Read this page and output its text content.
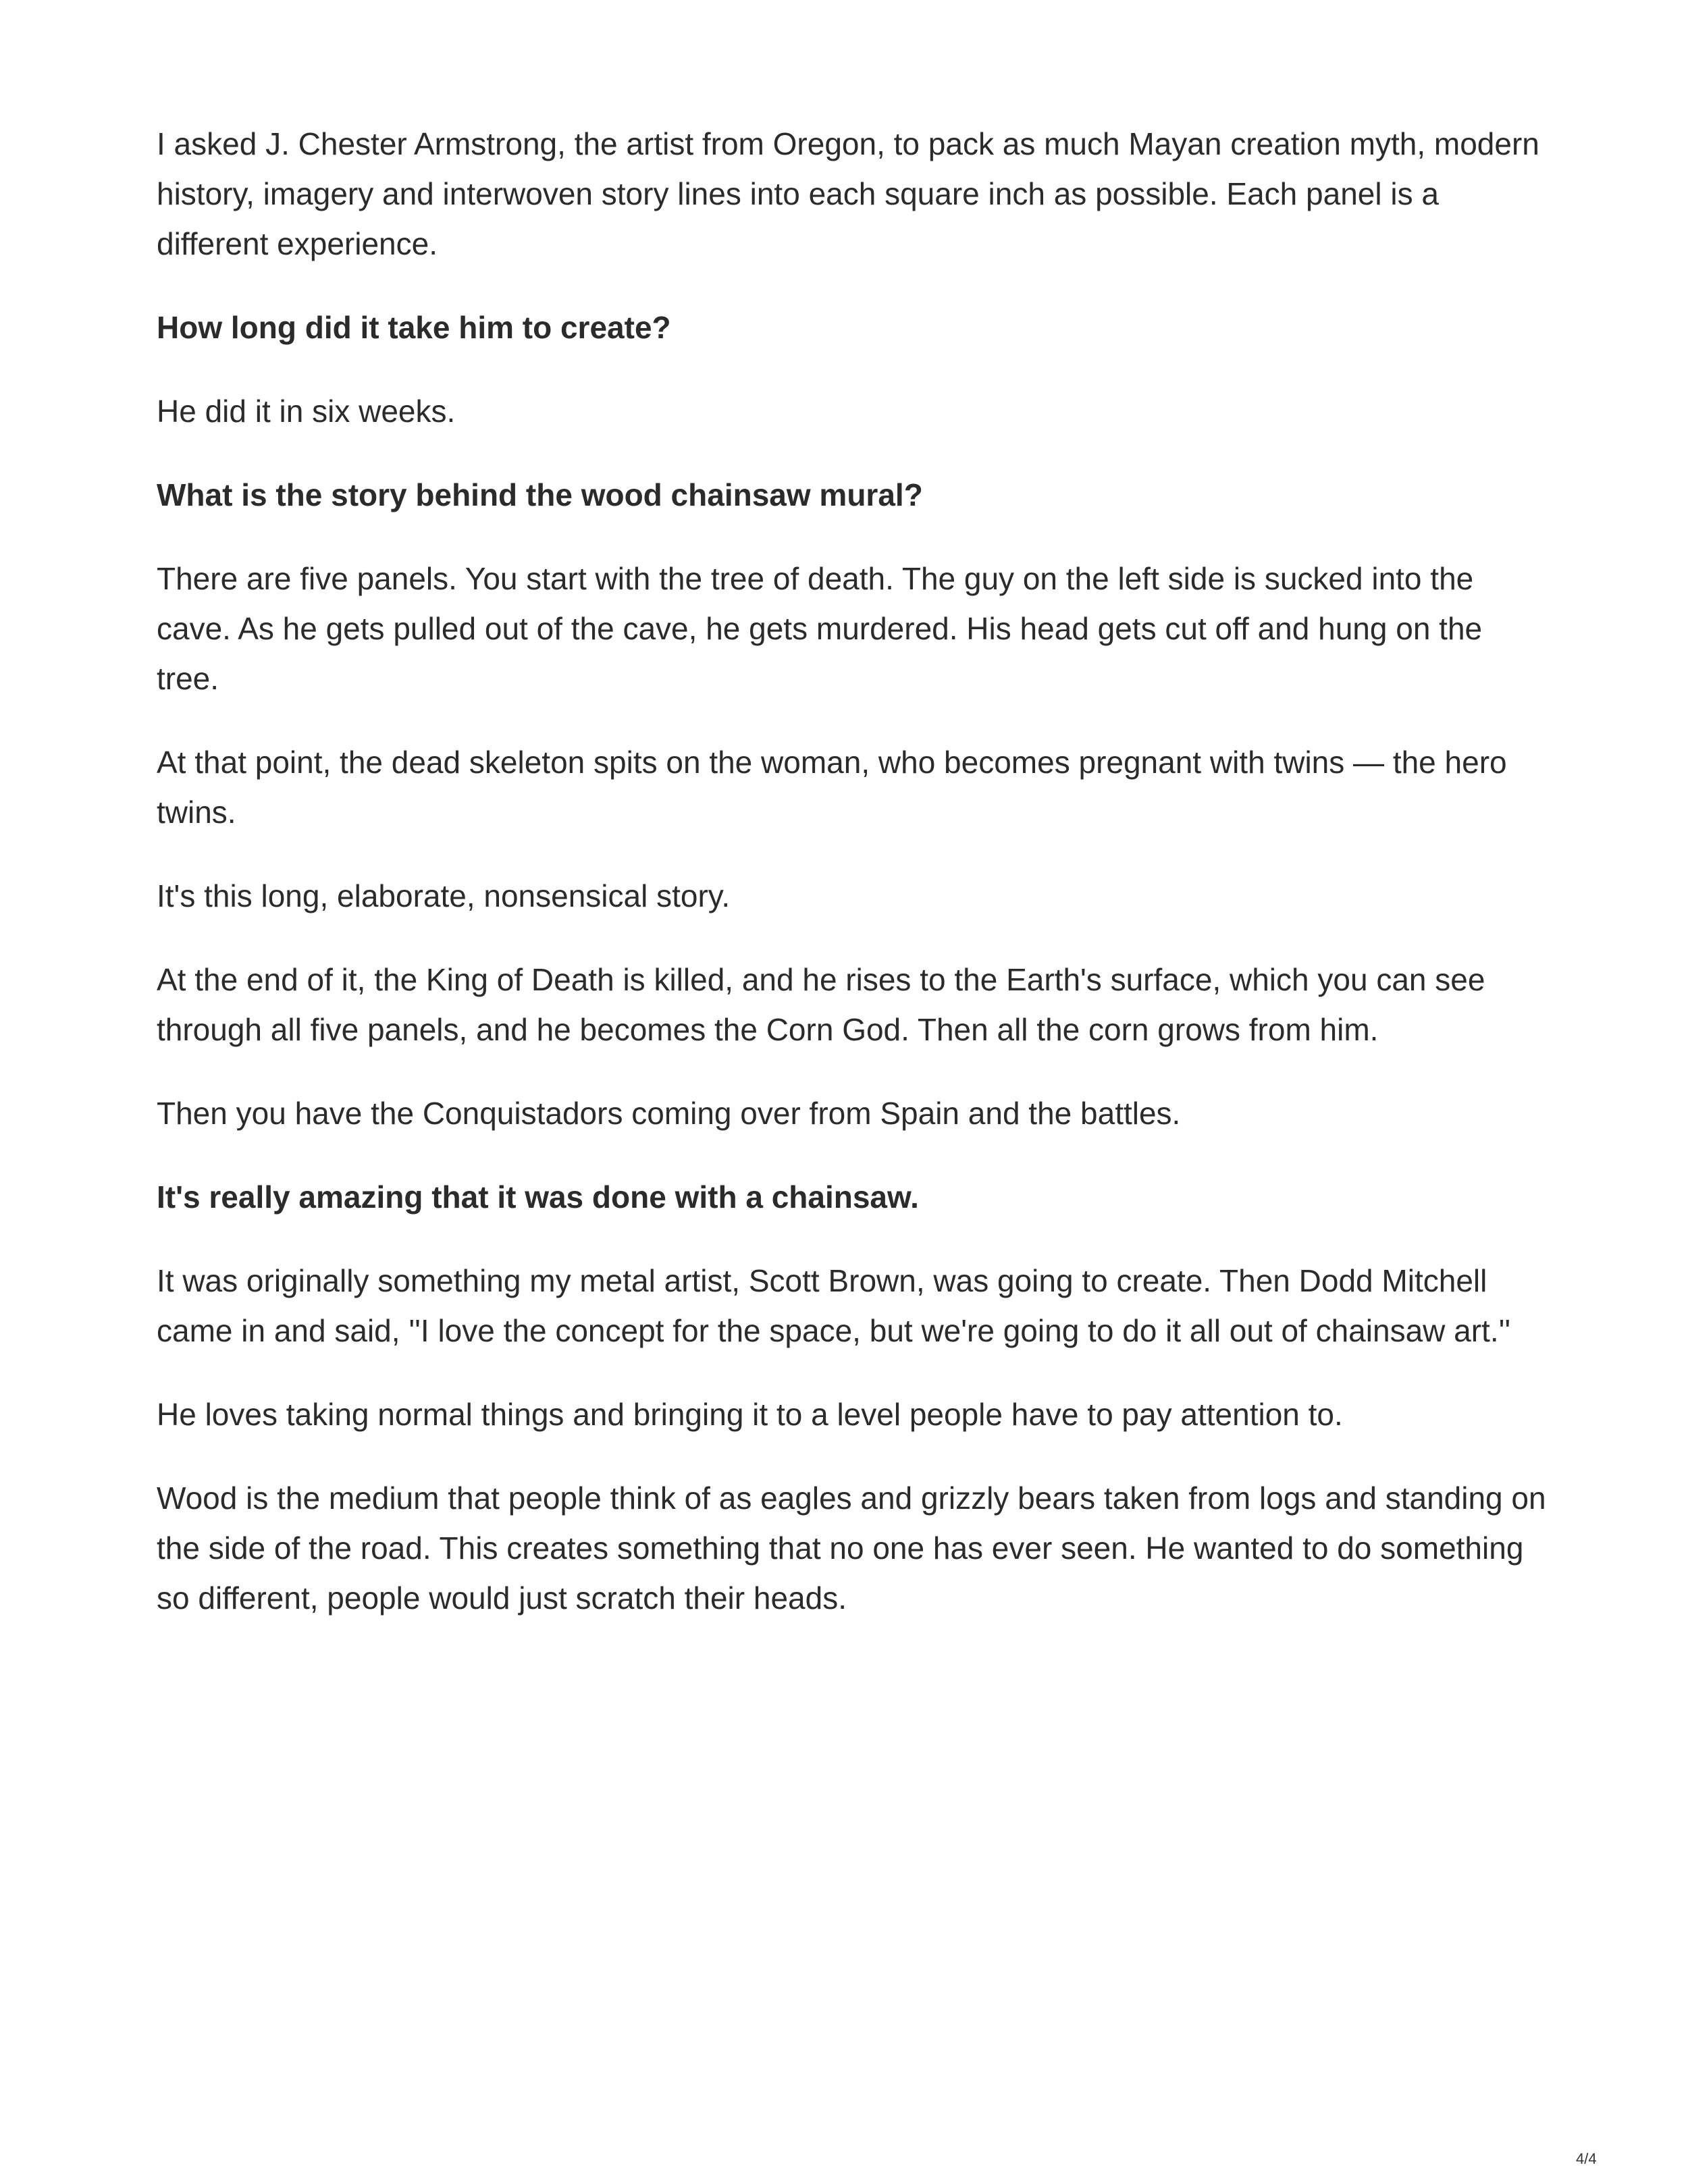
I asked J. Chester Armstrong, the artist from Oregon, to pack as much Mayan creation myth, modern history, imagery and interwoven story lines into each square inch as possible. Each panel is a different experience.

How long did it take him to create?

He did it in six weeks.

What is the story behind the wood chainsaw mural?

There are five panels. You start with the tree of death. The guy on the left side is sucked into the cave. As he gets pulled out of the cave, he gets murdered. His head gets cut off and hung on the tree.

At that point, the dead skeleton spits on the woman, who becomes pregnant with twins — the hero twins.

It's this long, elaborate, nonsensical story.

At the end of it, the King of Death is killed, and he rises to the Earth's surface, which you can see through all five panels, and he becomes the Corn God. Then all the corn grows from him.

Then you have the Conquistadors coming over from Spain and the battles.

It's really amazing that it was done with a chainsaw.

It was originally something my metal artist, Scott Brown, was going to create. Then Dodd Mitchell came in and said, ''I love the concept for the space, but we're going to do it all out of chainsaw art.''

He loves taking normal things and bringing it to a level people have to pay attention to.

Wood is the medium that people think of as eagles and grizzly bears taken from logs and standing on the side of the road. This creates something that no one has ever seen. He wanted to do something so different, people would just scratch their heads.

4/4
